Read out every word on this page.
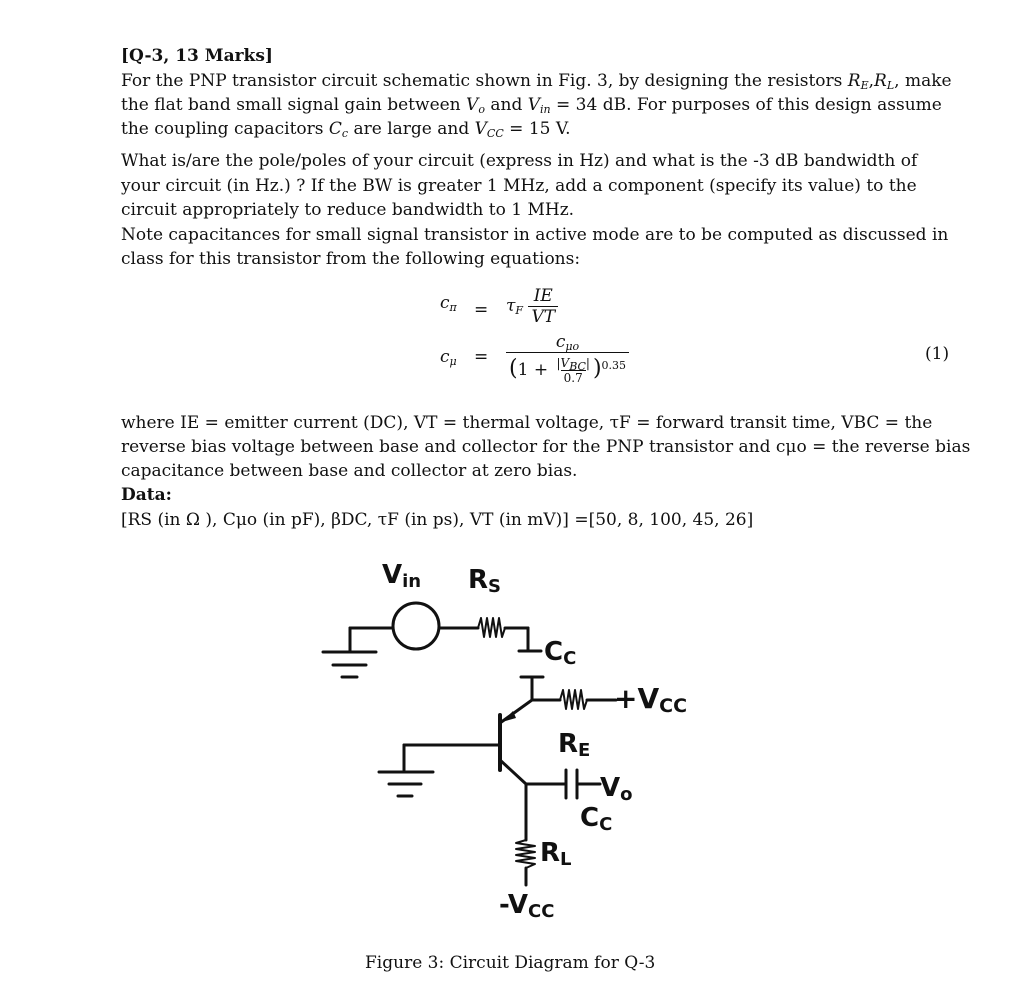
[Q-3, 13 Marks]
For the PNP transistor circuit schematic shown in Fig. 3, by designing the resistors $R_E,R_L$, make
the flat band small signal gain between $V_o$ and $V_{in} = 34$ dB. For purposes of this design assume
the coupling capacitors $C_c$ are large and $V_{CC} = 15$ V.
What is/are the pole/poles of your circuit (express in Hz) and what is the -3 dB bandwidth of
your circuit (in Hz.) ? If the BW is greater 1 MHz, add a component (specify its value) to the
circuit appropriately to reduce bandwidth to 1 MHz.
Note capacitances for small signal transistor in active mode are to be computed as discussed in
class for this transistor from the following equations:
$c_\pi = \tau_F \frac{IE}{VT}$
$c_\mu = \frac{c_{\mu o}}{(1 + \frac{|V_{BC}|}{0.7} )^{0.35}}$	(1)
where IE = emitter current (DC), VT = thermal voltage, τF = forward transit time, VBC = the
reverse bias voltage between base and collector for the PNP transistor and cμo = the reverse bias
capacitance between base and collector at zero bias.
Data:
[RS (in Ω ), Cμo (in pF), βDC, τF (in ps), VT (in mV)] =[50, 8, 100, 45, 26]
Vin RS
CC
+VCC
RE
Vo
CC
RL
-VCC
Figure 3: Circuit Diagram for Q-3
